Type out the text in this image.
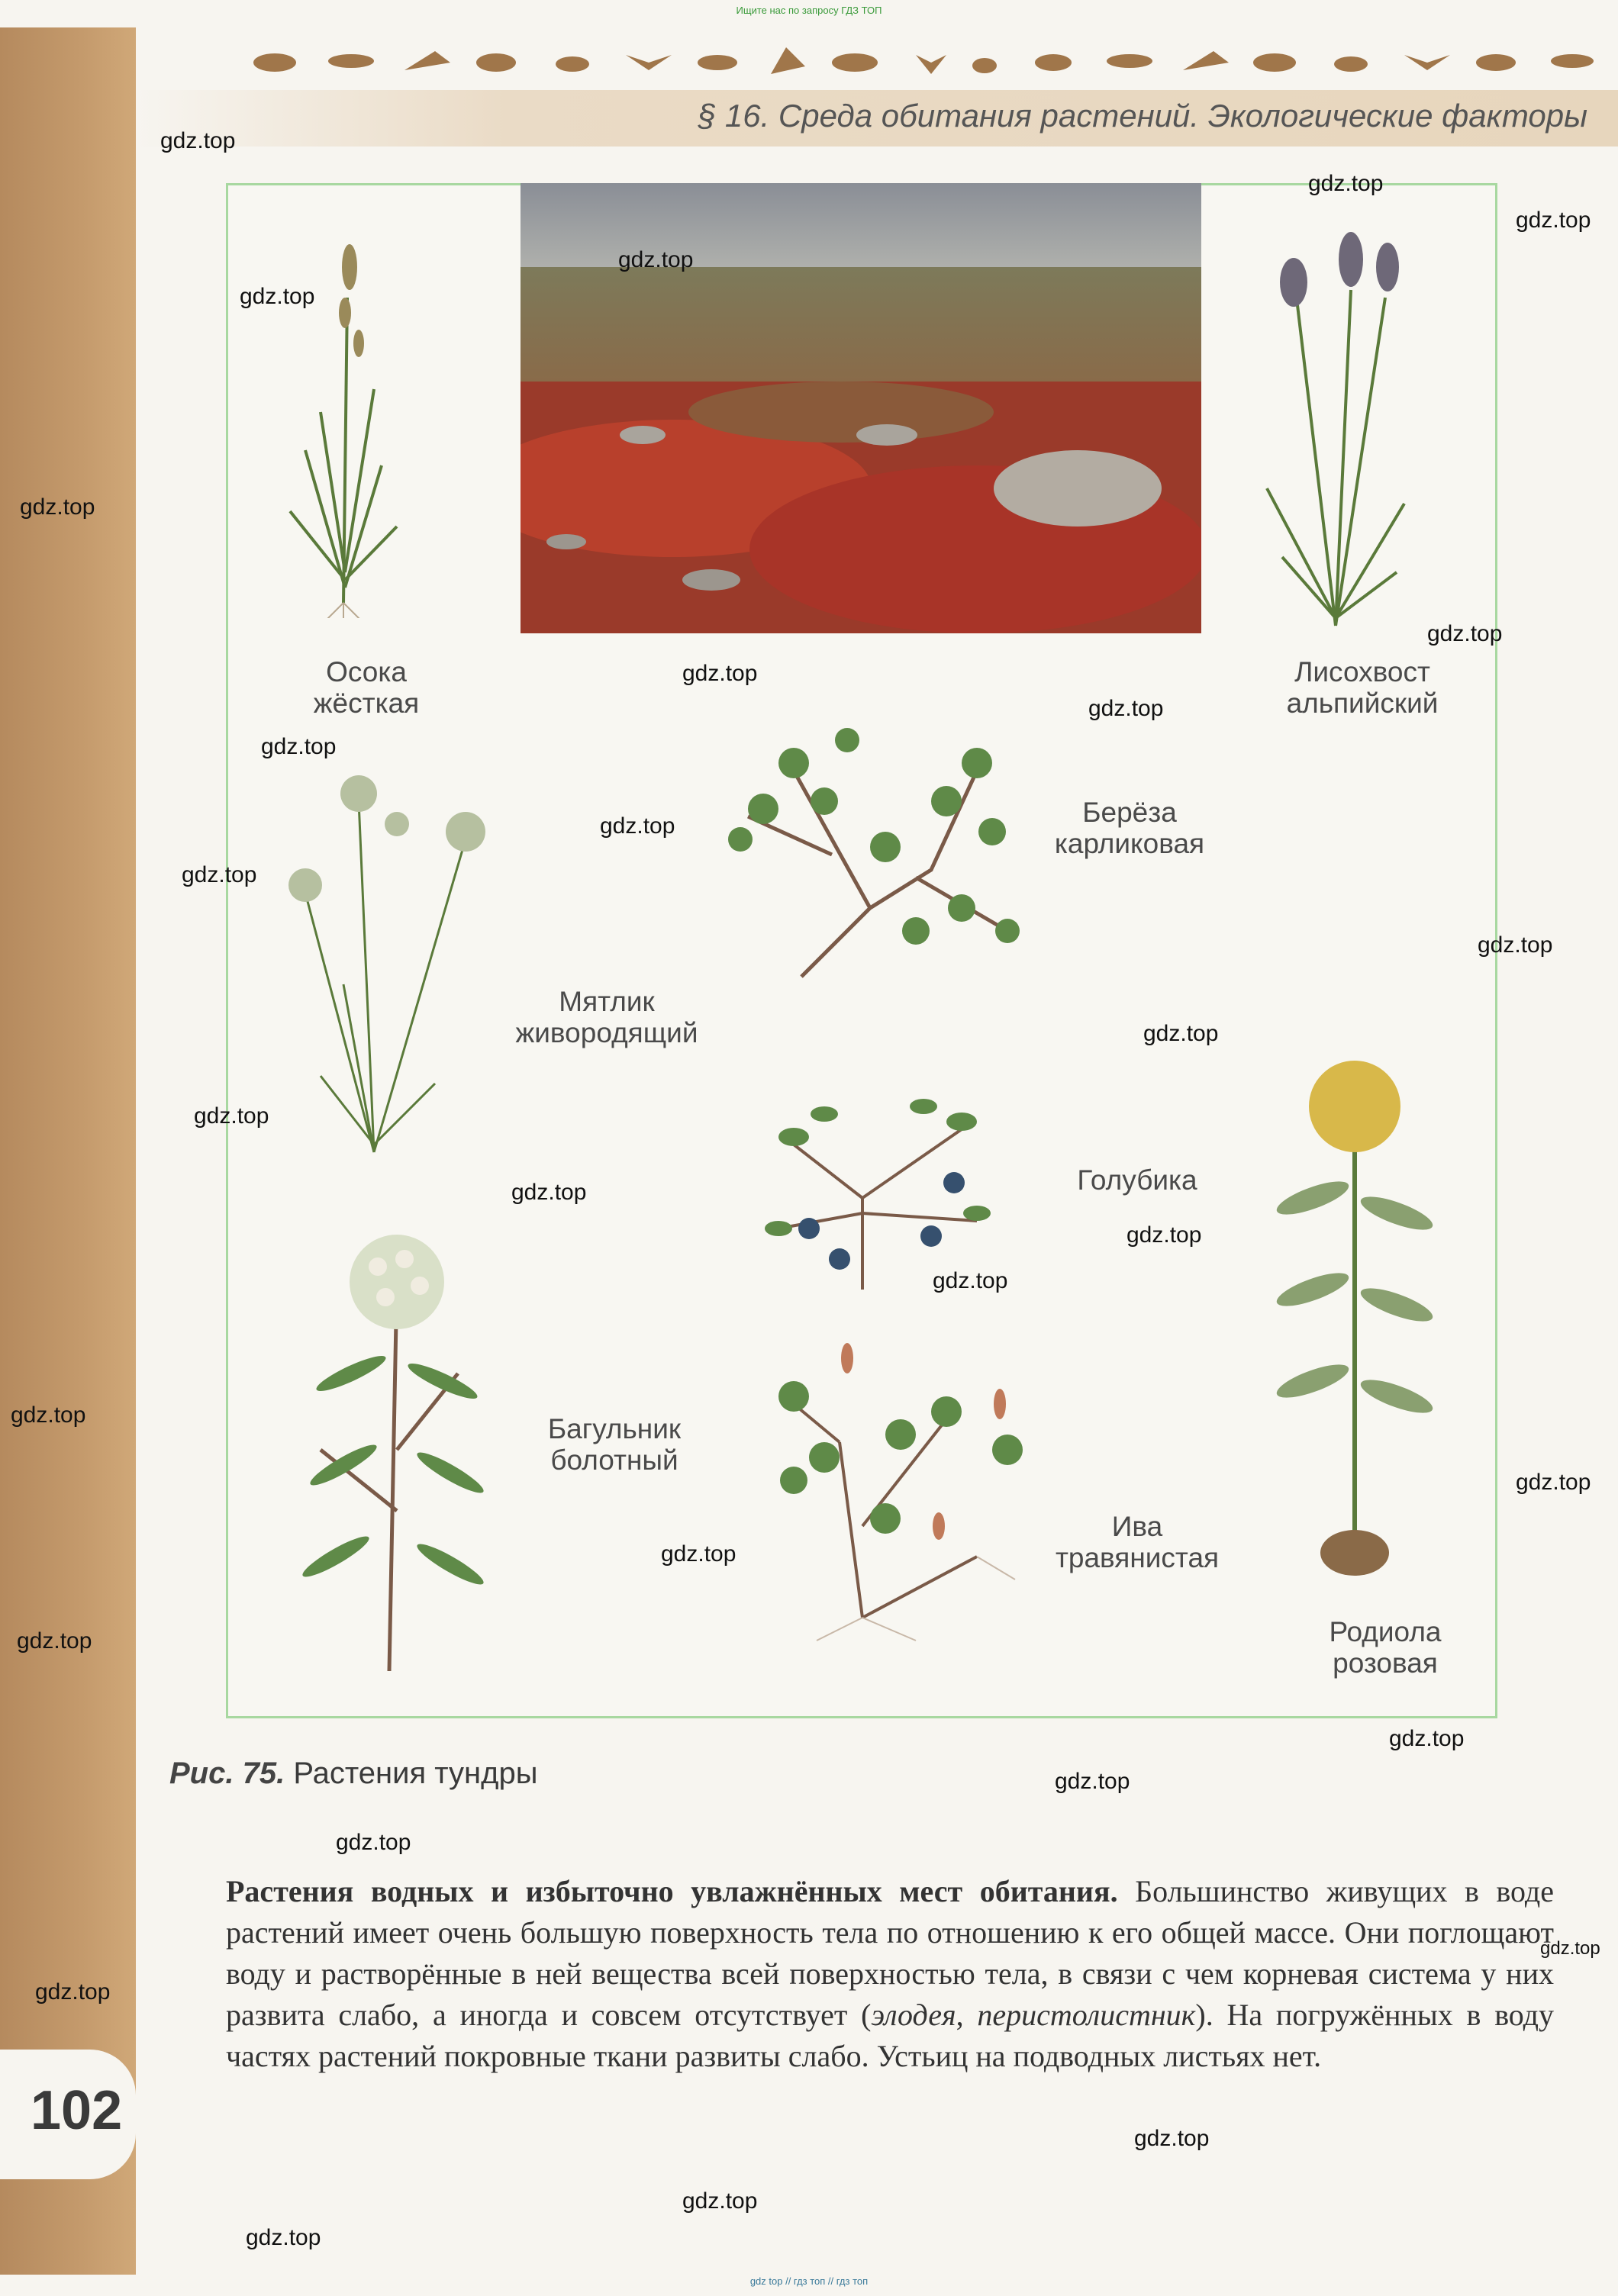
Ищите нас по запросу ГДЗ ТОП
102
§ 16. Среда обитания растений. Экологические факторы
Осока жёсткая
Лисохвост альпийский
Берёза карликовая
Мятлик живородящий
Голубика
Багульник болотный
Ива травянистая
Родиола розовая
Рис. 75. Растения тундры
Растения водных и избыточно увлажнённых мест обитания. Большинство живущих в воде растений имеет очень большую поверхность тела по отношению к его общей массе. Они поглощают воду и растворённые в ней вещества всей поверхностью тела, в связи с чем корневая система у них развита слабо, а иногда и совсем отсутствует (элодея, перистолистник). На погружённых в воду частях растений покровные ткани развиты слабо. Устьиц на подводных листьях нет.
gdz.top
gdz.top
gdz.top
gdz.top
gdz.top
gdz.top
gdz.top
gdz.top
gdz.top
gdz.top
gdz.top
gdz.top
gdz.top
gdz.top
gdz.top
gdz.top
gdz.top
gdz.top
gdz.top
gdz.top
gdz.top
gdz.top
gdz.top
gdz.top
gdz.top
gdz.top
gdz.top
gdz.top
gdz.top
gdz.top
gdz top // гдз топ // гдз топ
